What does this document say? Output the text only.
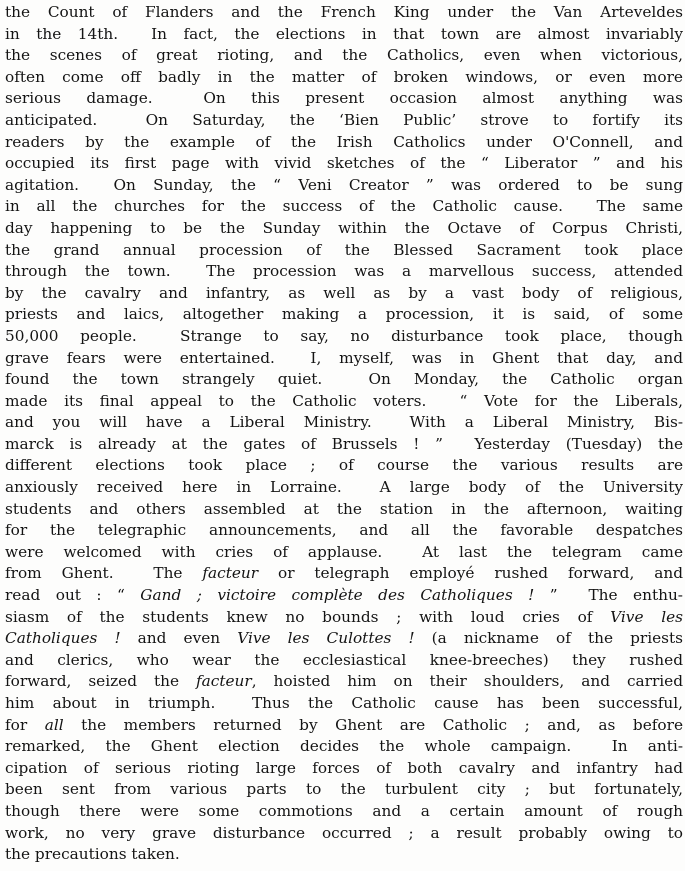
the Count of Flanders and the French King under the Van Arteveldes
in the 14th.  In fact, the elections in that town are almost invariably
the scenes of great rioting, and the Catholics, even when victorious,
often come off badly in the matter of broken windows, or even more
serious damage.  On this present occasion almost anything was
anticipated.  On Saturday, the ‘Bien Public’ strove to fortify its
readers by the example of the Irish Catholics under O'Connell, and
occupied its first page with vivid sketches of the “ Liberator ” and his
agitation.  On Sunday, the “ Veni Creator ” was ordered to be sung
in all the churches for the success of the Catholic cause.  The same
day happening to be the Sunday within the Octave of Corpus Christi,
the grand annual procession of the Blessed Sacrament took place
through the town.  The procession was a marvellous success, attended
by the cavalry and infantry, as well as by a vast body of religious,
priests and laics, altogether making a procession, it is said, of some
50,000 people.  Strange to say, no disturbance took place, though
grave fears were entertained.  I, myself, was in Ghent that day, and
found the town strangely quiet.  On Monday, the Catholic organ
made its final appeal to the Catholic voters.  “ Vote for the Liberals,
and you will have a Liberal Ministry.  With a Liberal Ministry, Bis-
marck is already at the gates of Brussels ! ”  Yesterday (Tuesday) the
different elections took place ; of course the various results are
anxiously received here in Lorraine.  A large body of the University
students and others assembled at the station in the afternoon, waiting
for the telegraphic announcements, and all the favorable despatches
were welcomed with cries of applause.  At last the telegram came
from Ghent.  The facteur or telegraph employé rushed forward, and
read out : “ Gand ; victoire complète des Catholiques ! ”  The enthu-
siasm of the students knew no bounds ; with loud cries of Vive les
Catholiques ! and even Vive les Culottes ! (a nickname of the priests
and clerics, who wear the ecclesiastical knee-breeches) they rushed
forward, seized the facteur, hoisted him on their shoulders, and carried
him about in triumph.  Thus the Catholic cause has been successful,
for all the members returned by Ghent are Catholic ; and, as before
remarked, the Ghent election decides the whole campaign.  In anti-
cipation of serious rioting large forces of both cavalry and infantry had
been sent from various parts to the turbulent city ; but fortunately,
though there were some commotions and a certain amount of rough
work, no very grave disturbance occurred ; a result probably owing to
the precautions taken.
